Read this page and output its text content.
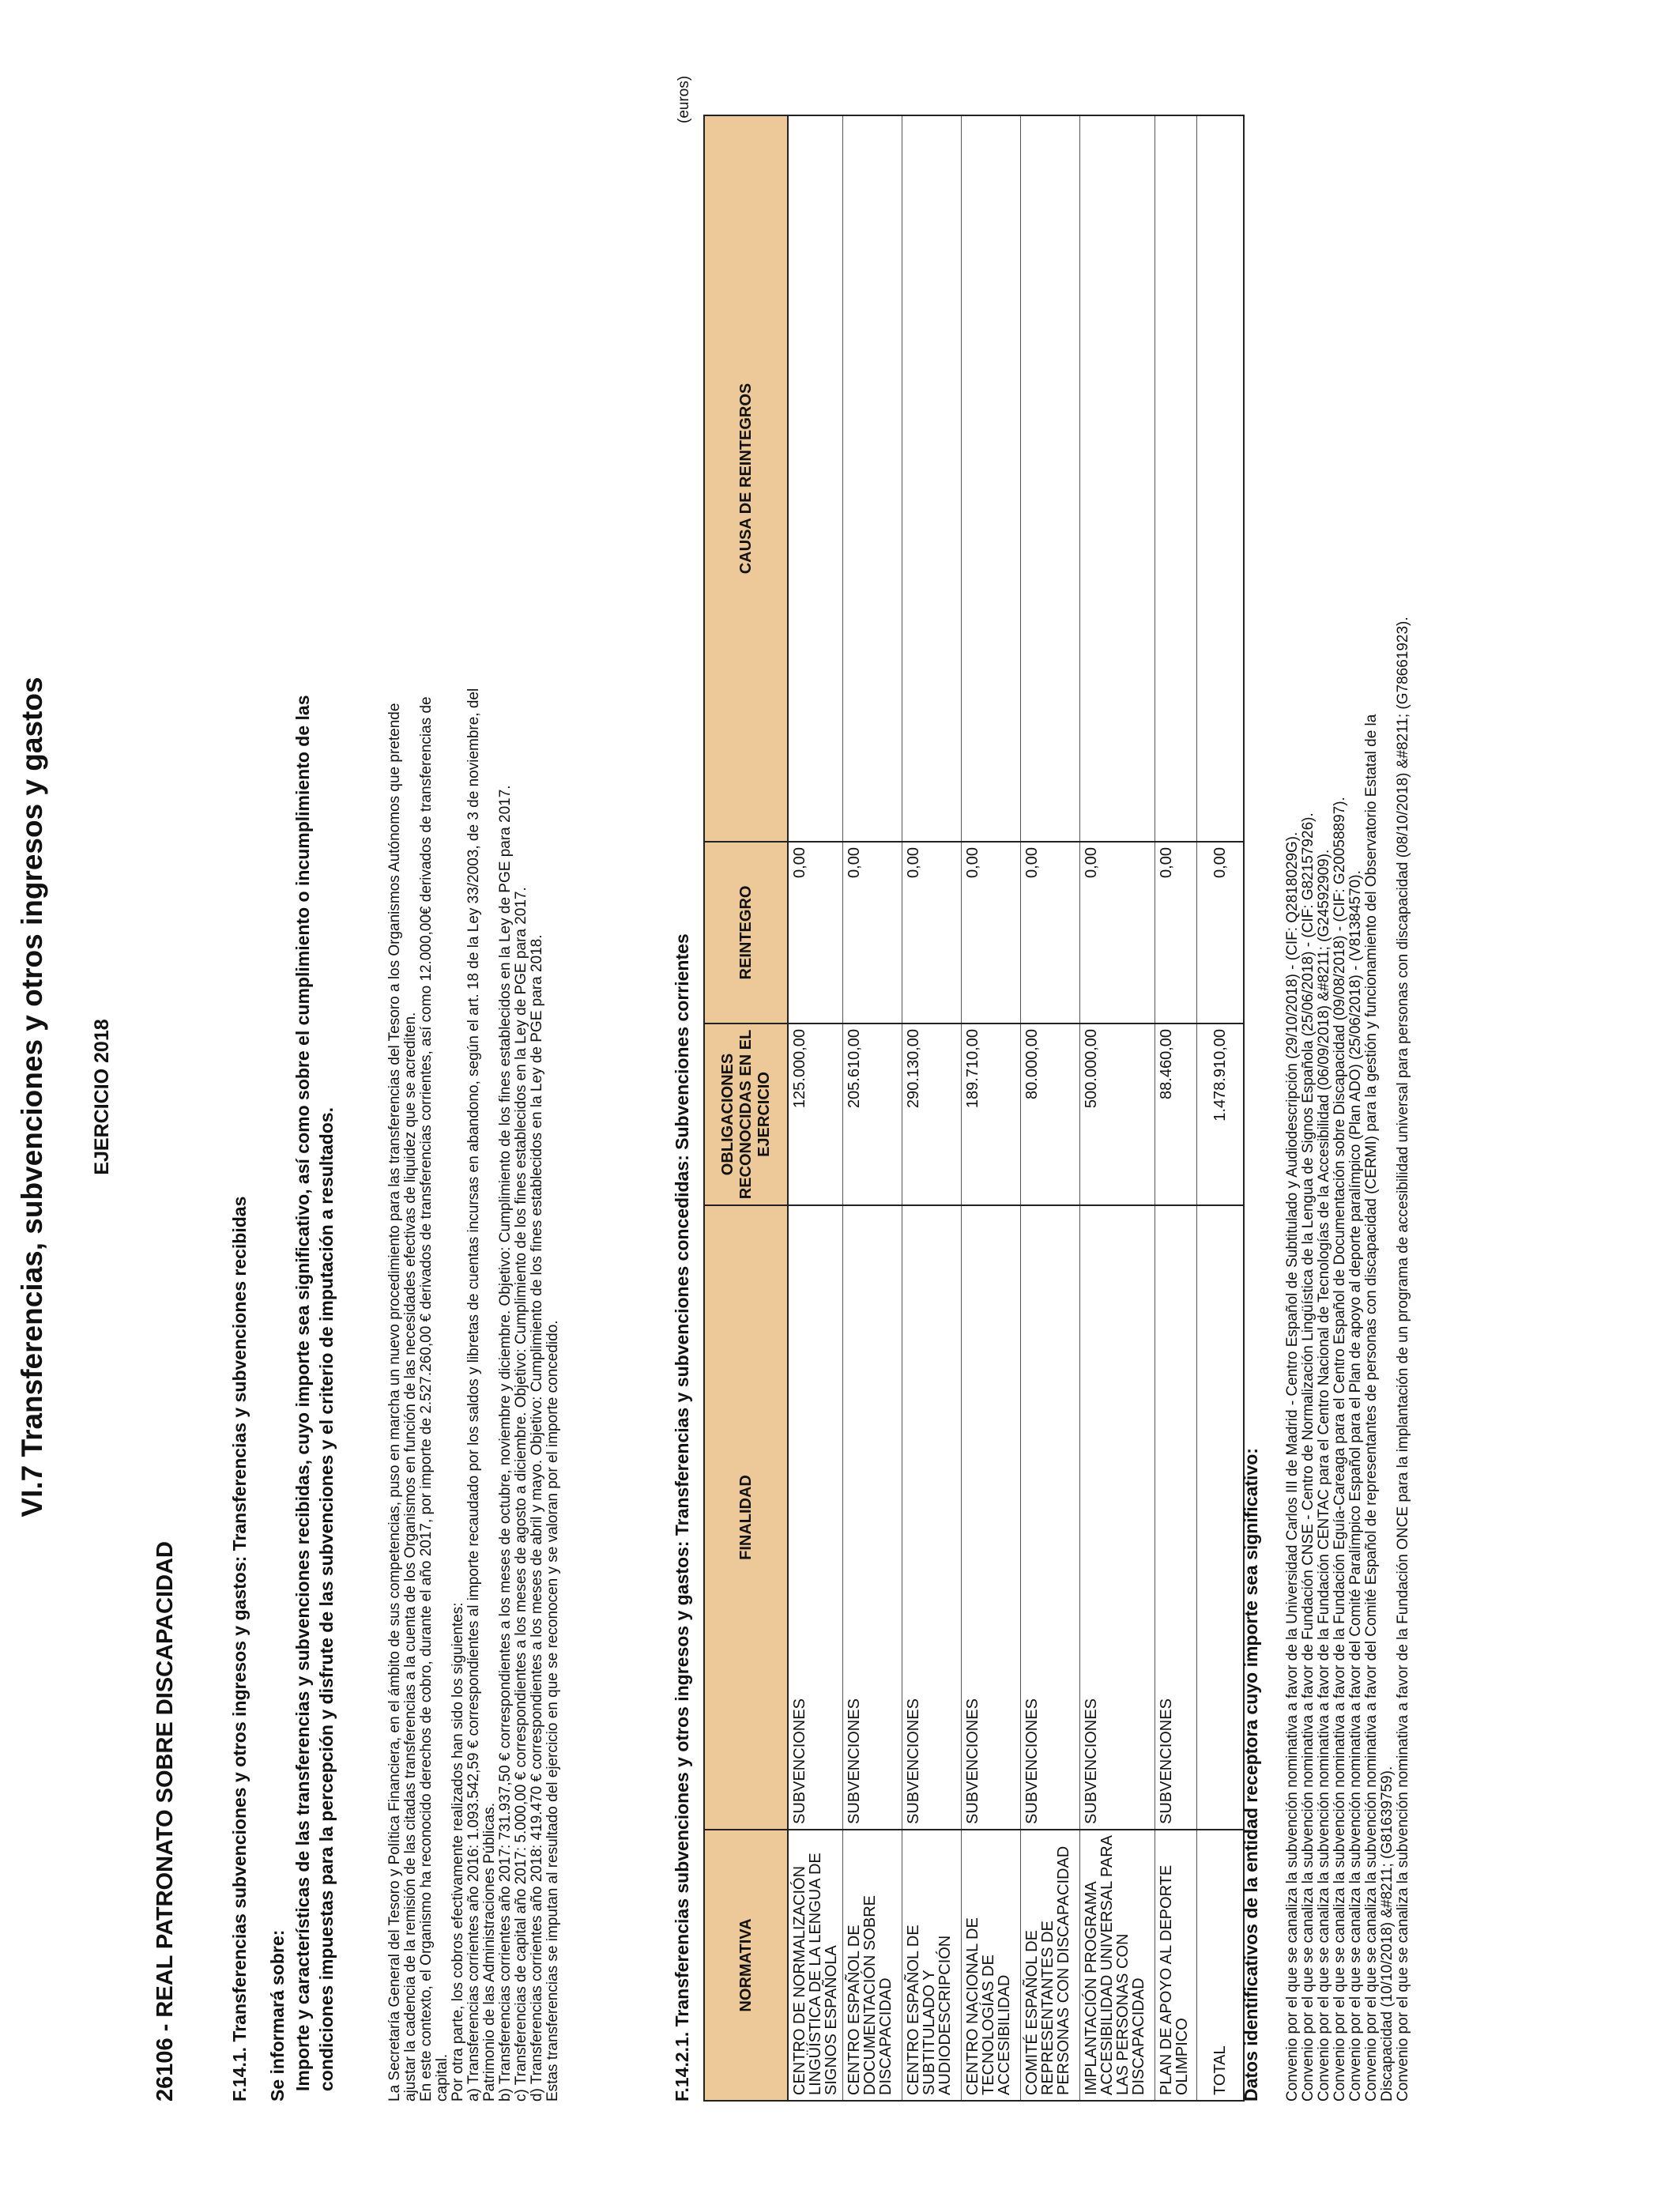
VI.7 Transferencias, subvenciones y otros ingresos y gastos EJERCICIO 2018
26106 - REAL PATRONATO SOBRE DISCAPACIDAD	F.14.1. Transferencias subvenciones y otros ingresos y gastos: Transferencias y subvenciones recibidas Se informará sobre: Importe y características de las transferencias y subvenciones recibidas, cuyo importe sea significativo, así como sobre el cumplimiento o incumplimiento de las condiciones impuestas para la percepción y disfrute de las subvenciones y el criterio de imputación a resultados.	La Secretaría General del Tesoro y Política Financiera, en el ámbito de sus competencias, puso en marcha un nuevo procedimiento para las transferencias del Tesoro a los Organismos Autónomos que pretende ajustar la cadencia de la remisión de las citadas transferencias a la cuenta de los Organismos en función de las necesidades efectivas de liquidez que se acrediten. En este contexto, el Organismo ha reconocido derechos de cobro, durante el año 2017, por importe de 2.527.260,00 € derivados de transferencias corrientes, así como 12.000,00€ derivados de transferencias de capital. Por otra parte, los cobros efectivamente realizados han sido los siguientes: a) Transferencias corrientes año 2016: 1.093.542,59 € correspondientes al importe recaudado por los saldos y libretas de cuentas incursas en abandono, según el art. 18 de la Ley 33/2003, de 3 de noviembre, del Patrimonio de las Administraciones Públicas. b) Transferencias corrientes año 2017: 731.937,50 € correspondientes a los meses de octubre, noviembre y diciembre. Objetivo: Cumplimiento de los fines establecidos en la Ley de PGE para 2017. c) Transferencias de capital año 2017: 5.000,00 € correspondientes a los meses de agosto a diciembre. Objetivo: Cumplimiento de los fines establecidos en la Ley de PGE para 2017. d) Transferencias corrientes año 2018: 419.470 € correspondientes a los meses de abril y mayo. Objetivo: Cumplimiento de los fines establecidos en la Ley de PGE para 2018. Estas transferencias se imputan al resultado del ejercicio en que se reconocen y se valoran por el importe concedido.	F.14.2.1. Transferencias subvenciones y otros ingresos y gastos: Transferencias y subvenciones concedidas: Subvenciones corrientes
(euros)
NORMATIVA	FINALIDAD	OBLIGACIONES RECONOCIDAS EN EL EJERCICIO	REINTEGRO	CAUSA DE REINTEGROS
CENTRO DE NORMALIZACIÓN LINGÜÍSTICA DE LA LENGUA DE SIGNOS ESPAÑOLA	SUBVENCIONES	125.000,00	0,00	
CENTRO ESPAÑOL DE DOCUMENTACIÓN SOBRE DISCAPACIDAD	SUBVENCIONES	205.610,00	0,00	
CENTRO ESPAÑOL DE SUBTITULADO Y AUDIODESCRIPCIÓN	SUBVENCIONES	290.130,00	0,00	
CENTRO NACIONAL DE TECNOLOGÍAS DE ACCESIBILIDAD	SUBVENCIONES	189.710,00	0,00	
COMITÉ ESPAÑOL DE REPRESENTANTES DE PERSONAS CON DISCAPACIDAD	SUBVENCIONES	80.000,00	0,00	
IMPLANTACIÓN PROGRAMA ACCESIBILIDAD UNIVERSAL PARA LAS PERSONAS CON DISCAPACIDAD	SUBVENCIONES	500.000,00	0,00	
PLAN DE APOYO AL DEPORTE OLIMPICO	SUBVENCIONES	88.460,00	0,00	
TOTAL		1.478.910,00	0,00	
Datos identificativos de la entidad receptora cuyo importe sea significativo: Convenio por el que se canaliza la subvención nominativa a favor de la Universidad Carlos III de Madrid - Centro Español de Subtitulado y Audiodescripción (29/10/2018) - (CIF: Q2818029G). Convenio por el que se canaliza la subvención nominativa a favor de Fundación CNSE - Centro de Normalización Lingüística de la Lengua de Signos Española (25/06/2018) - (CIF: G82157926). Convenio por el que se canaliza la subvención nominativa a favor de la Fundación CENTAC para el Centro Nacional de Tecnologías de la Accesibilidad (06/09/2018) &#8211; (G24592909). Convenio por el que se canaliza la subvención nominativa a favor de la Fundación Eguía-Careaga para el Centro Español de Documentación sobre Discapacidad (09/08/2018) - (CIF: G20058897). Convenio por el que se canaliza la subvención nominativa a favor del Comité Paralímpico Español para el Plan de apoyo al deporte paralímpico (Plan ADO) (25/06/2018) - (V81384570). Convenio por el que se canaliza la subvención nominativa a favor del Comité Español de representantes de personas con discapacidad (CERMI) para la gestión y funcionamiento del Observatorio Estatal de la Discapacidad (10/10/2018) &#8211; (G81639759). Convenio por el que se canaliza la subvención nominativa a favor de la Fundación ONCE para la implantación de un programa de accesibilidad universal para personas con discapacidad (08/10/2018) &#8211; (G78661923).
